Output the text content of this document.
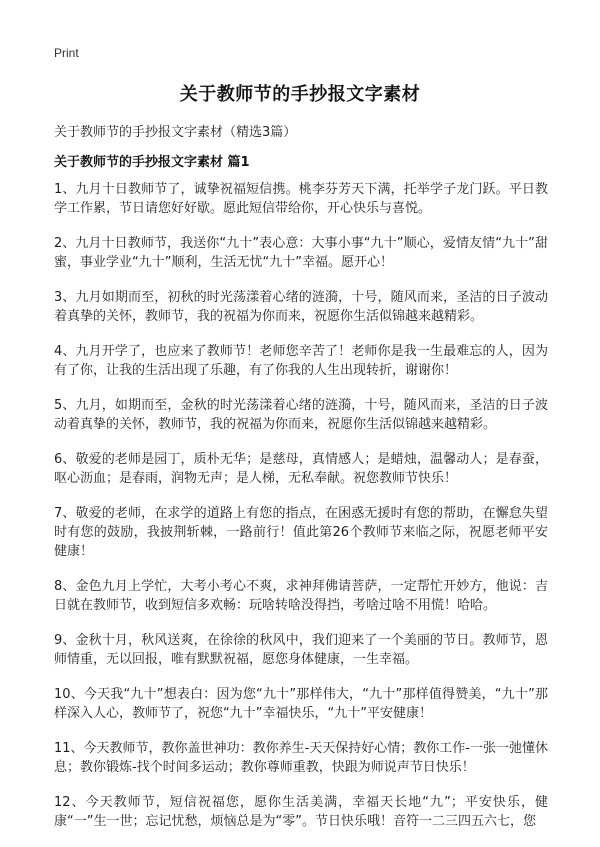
Print
关于教师节的手抄报文字素材
关于教师节的手抄报文字素材（精选3篇）
关于教师节的手抄报文字素材 篇1

1、九月十日教师节了，诚挚祝福短信携。桃李芬芳天下满，托举学子龙门跃。平日教学工作累，节日请您好好歇。愿此短信带给你，开心快乐与喜悦。

2、九月十日教师节，我送你“九十”表心意：大事小事“九十”顺心，爱情友情“九十”甜蜜，事业学业“九十”顺利，生活无忧“九十”幸福。愿开心！

3、九月如期而至，初秋的时光荡漾着心绪的涟漪，十号，随风而来，圣洁的日子波动着真挚的关怀，教师节，我的祝福为你而来，祝愿你生活似锦越来越精彩。

4、九月开学了，也应来了教师节！老师您辛苦了！老师你是我一生最难忘的人，因为有了你，让我的生活出现了乐趣，有了你我的人生出现转折，谢谢你！

5、九月，如期而至，金秋的时光荡漾着心绪的涟漪，十号，随风而来，圣洁的日子波动着真挚的关怀，教师节，我的祝福为你而来，祝愿你生活似锦越来越精彩。

6、敬爱的老师是园丁，质朴无华；是慈母，真情感人；是蜡烛，温馨动人；是春蚕，呕心沥血；是春雨，润物无声；是人梯，无私奉献。祝您教师节快乐！

7、敬爱的老师，在求学的道路上有您的指点，在困惑无援时有您的帮助，在懈怠失望时有您的鼓励，我披荆斩棘，一路前行！值此第26个教师节来临之际，祝愿老师平安健康！

8、金色九月上学忙，大考小考心不爽，求神拜佛请菩萨，一定帮忙开妙方，他说：吉日就在教师节，收到短信多欢畅：玩啥转啥没得挡，考啥过啥不用慌！哈哈。

9、金秋十月，秋风送爽，在徐徐的秋风中，我们迎来了一个美丽的节日。教师节，恩师情重，无以回报，唯有默默祝福，愿您身体健康，一生幸福。

10、今天我“九十”想表白：因为您“九十”那样伟大，“九十”那样值得赞美，“九十”那样深入人心，教师节了，祝您“九十”幸福快乐，“九十”平安健康！

11、今天教师节，教你盖世神功：教你养生-天天保持好心情；教你工作-一张一弛懂休息；教你锻炼-找个时间多运动；教你尊师重教，快跟为师说声节日快乐！

12、今天教师节，短信祝福您，愿你生活美满，幸福天长地“九”；平安快乐，健康“一”生一世；忘记忧愁，烦恼总是为“零”。节日快乐哦！音符一二三四五六七，您
